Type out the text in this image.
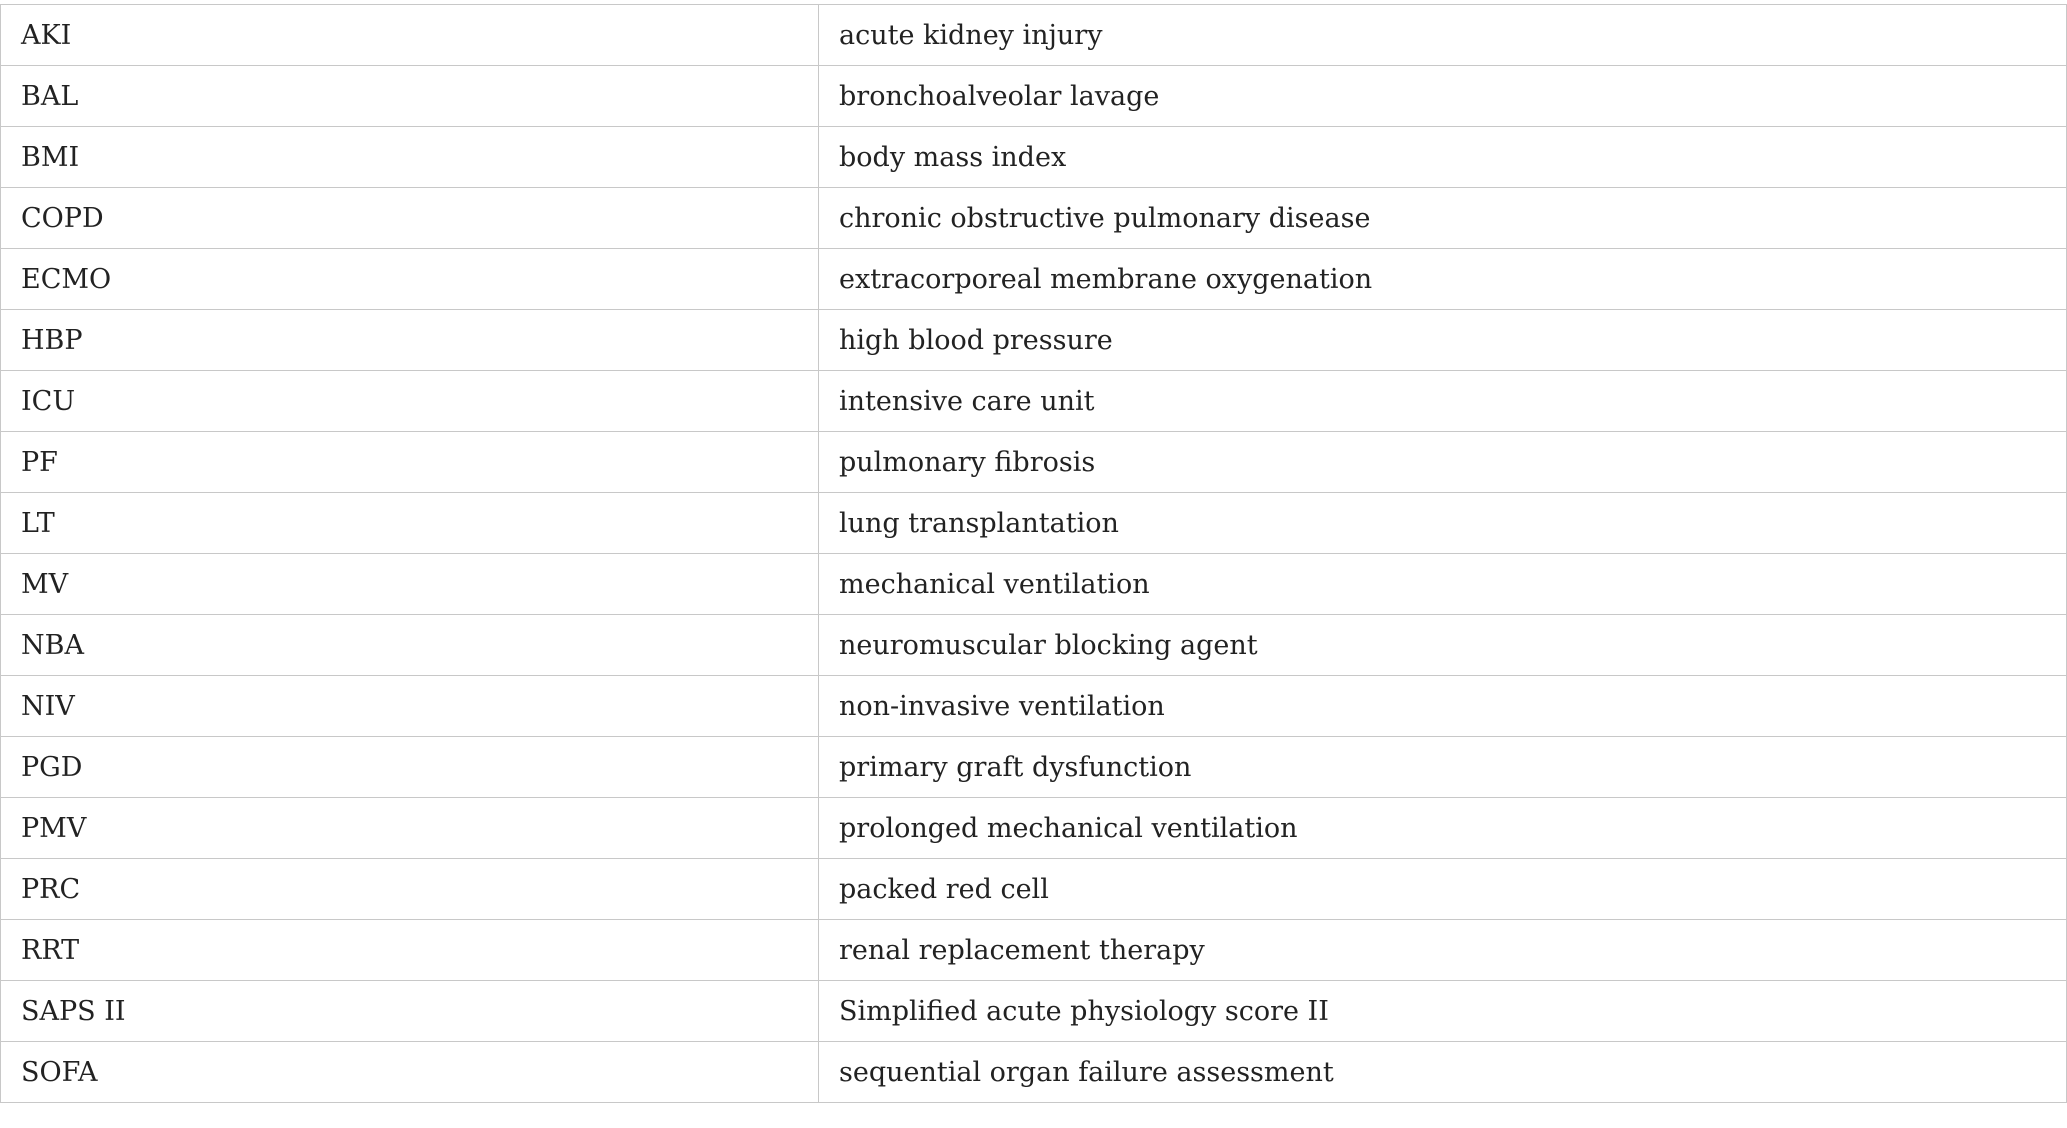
AKI	acute kidney injury
BAL	bronchoalveolar lavage
BMI	body mass index
COPD	chronic obstructive pulmonary disease
ECMO	extracorporeal membrane oxygenation
HBP	high blood pressure
ICU	intensive care unit
PF	pulmonary fibrosis
LT	lung transplantation
MV	mechanical ventilation
NBA	neuromuscular blocking agent
NIV	non-invasive ventilation
PGD	primary graft dysfunction
PMV	prolonged mechanical ventilation
PRC	packed red cell
RRT	renal replacement therapy
SAPS II	Simplified acute physiology score II
SOFA	sequential organ failure assessment
